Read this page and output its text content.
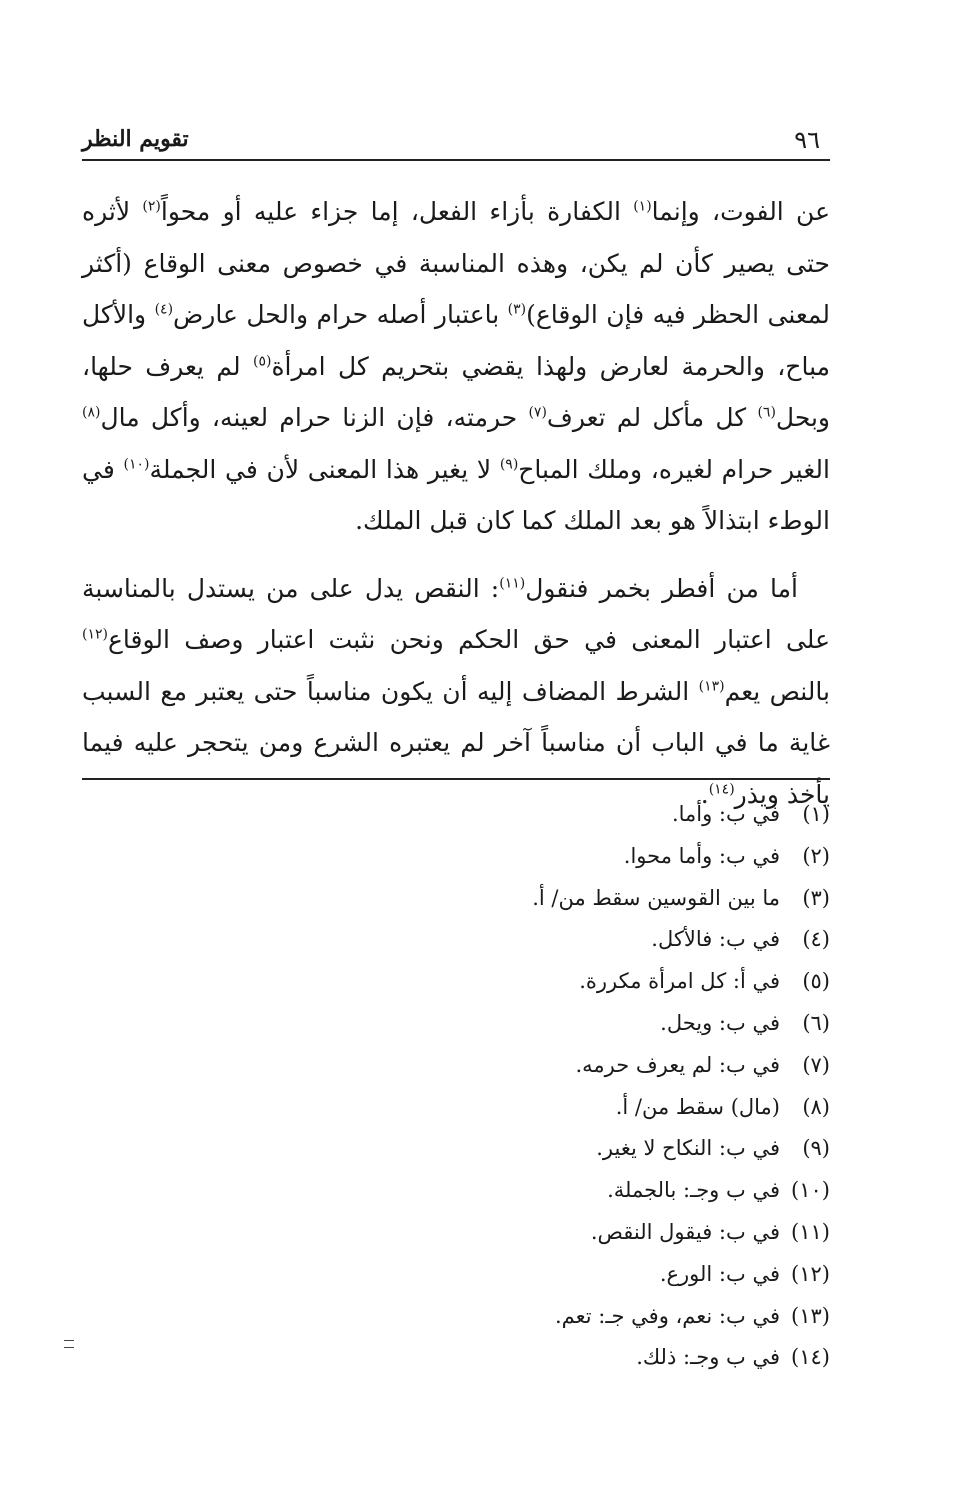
٩٦
تقويم النظر

عن الفوت، وإنما$^{(١)}$ الكفارة بأزاء الفعل، إما جزاء عليه أو محواً$^{(٢)}$ لأثره حتى يصير كأن لم يكن، وهذه المناسبة في خصوص معنى الوقاع (أكثر لمعنى الحظر فيه فإن الوقاع)$^{(٣)}$ باعتبار أصله حرام والحل عارض$^{(٤)}$ والأكل مباح، والحرمة لعارض ولهذا يقضي بتحريم كل امرأة$^{(٥)}$ لم يعرف حلها، وبحل$^{(٦)}$ كل مأكل لم تعرف$^{(٧)}$ حرمته، فإن الزنا حرام لعينه، وأكل مال$^{(٨)}$ الغير حرام لغيره، وملك المباح$^{(٩)}$ لا يغير هذا المعنى لأن في الجملة$^{(١٠)}$ في الوطء ابتذالاً هو بعد الملك كما كان قبل الملك.

أما من أفطر بخمر فنقول$^{(١١)}$: النقص يدل على من يستدل بالمناسبة على اعتبار المعنى في حق الحكم ونحن نثبت اعتبار وصف الوقاع$^{(١٢)}$ بالنص يعم$^{(١٣)}$ الشرط المضاف إليه أن يكون مناسباً حتى يعتبر مع السبب غاية ما في الباب أن مناسباً آخر لم يعتبره الشرع ومن يتحجر عليه فيما يأخذ ويذر$^{(١٤)}$.

(١)في ب: وأما.
(٢)في ب: وأما محوا.
(٣)ما بين القوسين سقط من/ أ.
(٤)في ب: فالأكل.
(٥)في أ: كل امرأة مكررة.
(٦)في ب: ويحل.
(٧)في ب: لم يعرف حرمه.
(٨)(مال) سقط من/ أ.
(٩)في ب: النكاح لا يغير.
(١٠)في ب وجـ: بالجملة.
(١١)في ب: فيقول النقص.
(١٢)في ب: الورع.
(١٣)في ب: نعم، وفي جـ: تعم.
(١٤)في ب وجـ: ذلك.
